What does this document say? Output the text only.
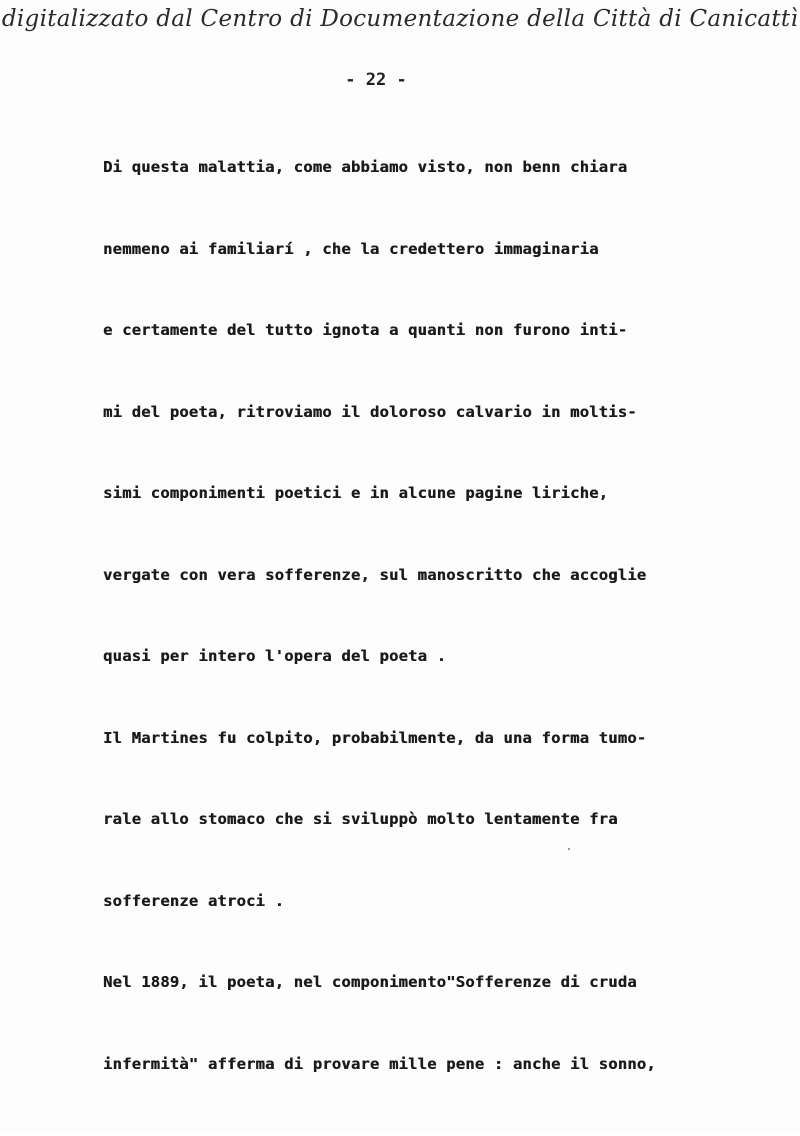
digitalizzato dal Centro di Documentazione della Città di Canicattì
- 22 -
Di questa malattia, come abbiamo visto, non benn chiara
nemmeno ai familiarí , che la credettero immaginaria
e certamente del tutto ignota a quanti non furono inti-
mi del poeta, ritroviamo il doloroso calvario in moltis-
simi componimenti poetici e in alcune pagine liriche,
vergate con vera sofferenze, sul manoscritto che accoglie
quasi per intero l'opera del poeta .
Il Martines fu colpito, probabilmente, da una forma tumo-
rale allo stomaco che si sviluppò molto lentamente fra
sofferenze atroci .
Nel 1889, il poeta, nel componimento"Sofferenze di cruda
infermità" afferma di provare mille pene : anche il sonno,
